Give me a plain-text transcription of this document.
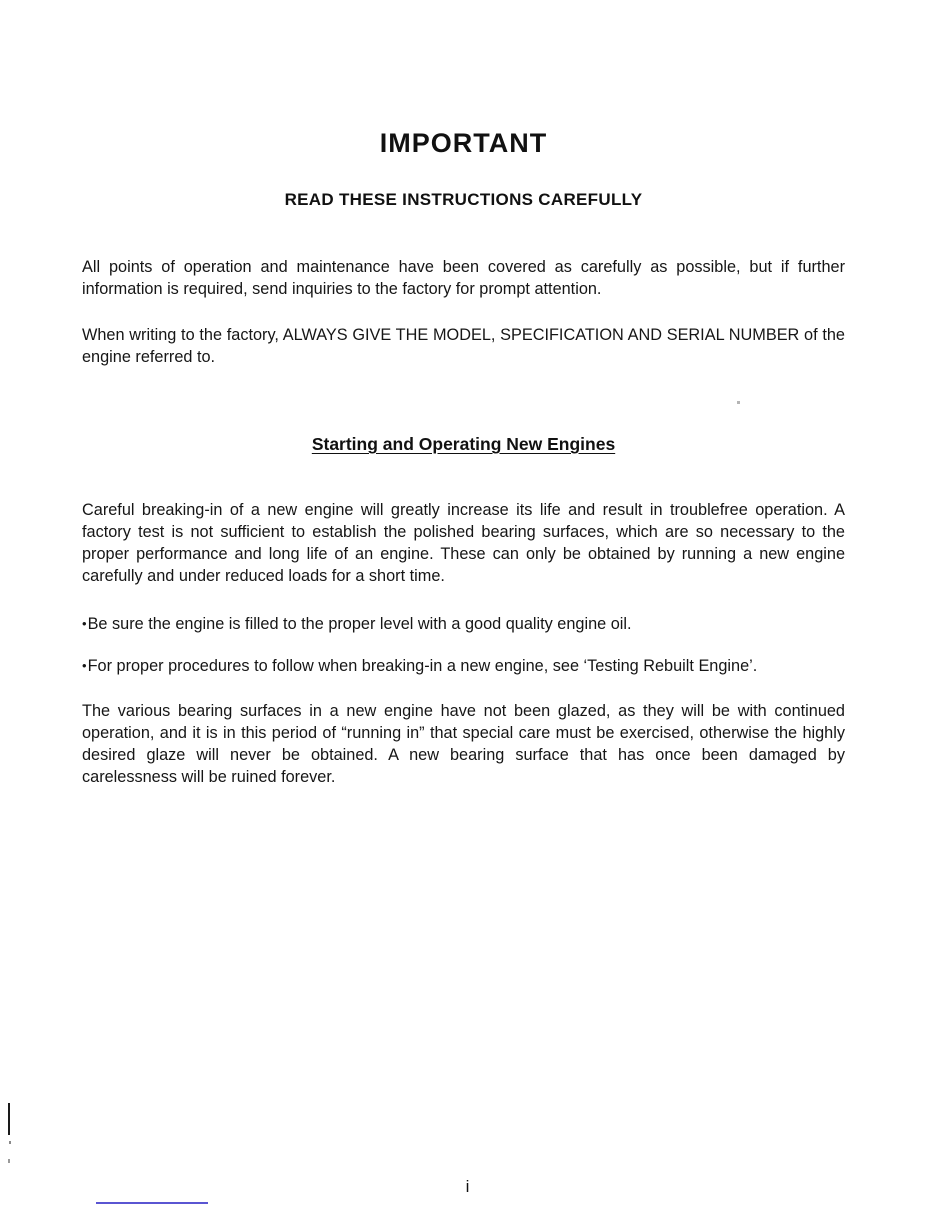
IMPORTANT
READ THESE INSTRUCTIONS CAREFULLY

All points of operation and maintenance have been covered as carefully as possible, but if further information is required, send inquiries to the factory for prompt attention.

When writing to the factory, ALWAYS GIVE THE MODEL, SPECIFICATION AND SERIAL NUMBER of the engine referred to.

Starting and Operating New Engines

Careful breaking-in of a new engine will greatly increase its life and result in troublefree operation. A factory test is not sufficient to establish the polished bearing surfaces, which are so necessary to the proper performance and long life of an engine. These can only be obtained by running a new engine carefully and under reduced loads for a short time.

•Be sure the engine is filled to the proper level with a good quality engine oil.

•For proper procedures to follow when breaking-in a new engine, see ‘Testing Rebuilt Engine’.

The various bearing surfaces in a new engine have not been glazed, as they will be with continued operation, and it is in this period of “running in” that special care must be exercised, otherwise the highly desired glaze will never be obtained. A new bearing surface that has once been damaged by carelessness will be ruined forever.

i
